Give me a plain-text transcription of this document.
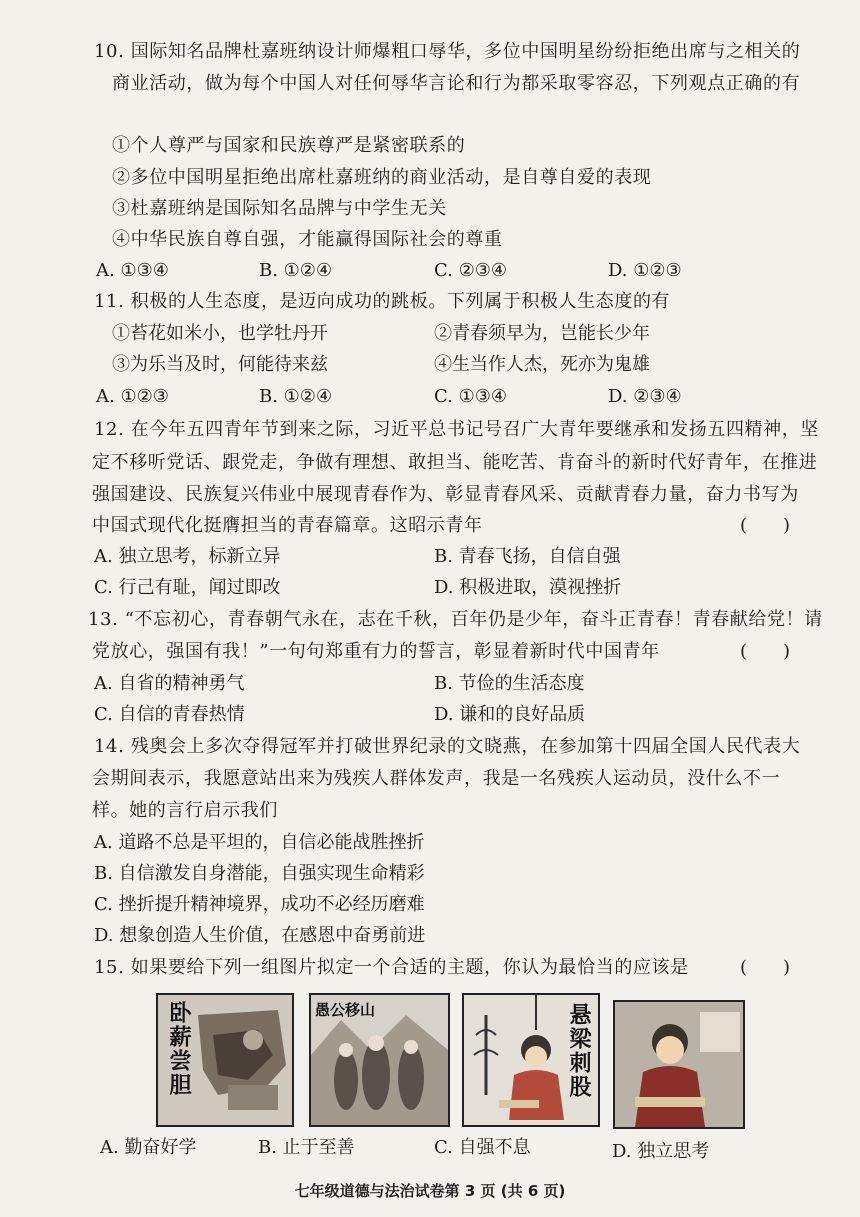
10. 国际知名品牌杜嘉班纳设计师爆粗口辱华，多位中国明星纷纷拒绝出席与之相关的
商业活动，做为每个中国人对任何辱华言论和行为都采取零容忍，下列观点正确的有
①个人尊严与国家和民族尊严是紧密联系的
②多位中国明星拒绝出席杜嘉班纳的商业活动，是自尊自爱的表现
③杜嘉班纳是国际知名品牌与中学生无关
④中华民族自尊自强，才能赢得国际社会的尊重
A. ①③④	B. ①②④	C. ②③④	D. ①②③
11. 积极的人生态度，是迈向成功的跳板。下列属于积极人生态度的有
①苔花如米小，也学牡丹开	②青春须早为，岂能长少年
③为乐当及时，何能待来兹	④生当作人杰，死亦为鬼雄
A. ①②③	B. ①②④	C. ①③④	D. ②③④
12. 在今年五四青年节到来之际，习近平总书记号召广大青年要继承和发扬五四精神，坚
定不移听党话、跟党走，争做有理想、敢担当、能吃苦、肯奋斗的新时代好青年，在推进
强国建设、民族复兴伟业中展现青春作为、彰显青春风采、贡献青春力量，奋力书写为
中国式现代化挺膺担当的青春篇章。这昭示青年	(　　)
A. 独立思考，标新立异	B. 青春飞扬，自信自强
C. 行己有耻，闻过即改	D. 积极进取，漠视挫折
13. “不忘初心，青春朝气永在，志在千秋，百年仍是少年，奋斗正青春！青春献给党！请
党放心，强国有我！”一句句郑重有力的誓言，彰显着新时代中国青年	(　　)
A. 自省的精神勇气	B. 节俭的生活态度
C. 自信的青春热情	D. 谦和的良好品质
14. 残奥会上多次夺得冠军并打破世界纪录的文晓燕，在参加第十四届全国人民代表大
会期间表示，我愿意站出来为残疾人群体发声，我是一名残疾人运动员，没什么不一
样。她的言行启示我们
A. 道路不总是平坦的，自信必能战胜挫折
B. 自信激发自身潜能，自强实现生命精彩
C. 挫折提升精神境界，成功不必经历磨难
D. 想象创造人生价值，在感恩中奋勇前进
15. 如果要给下列一组图片拟定一个合适的主题，你认为最恰当的应该是	(　　)
卧薪尝胆	愚公移山	悬梁刺股
A. 勤奋好学	B. 止于至善	C. 自强不息	D. 独立思考
七年级道德与法治试卷第 3 页 (共 6 页)
